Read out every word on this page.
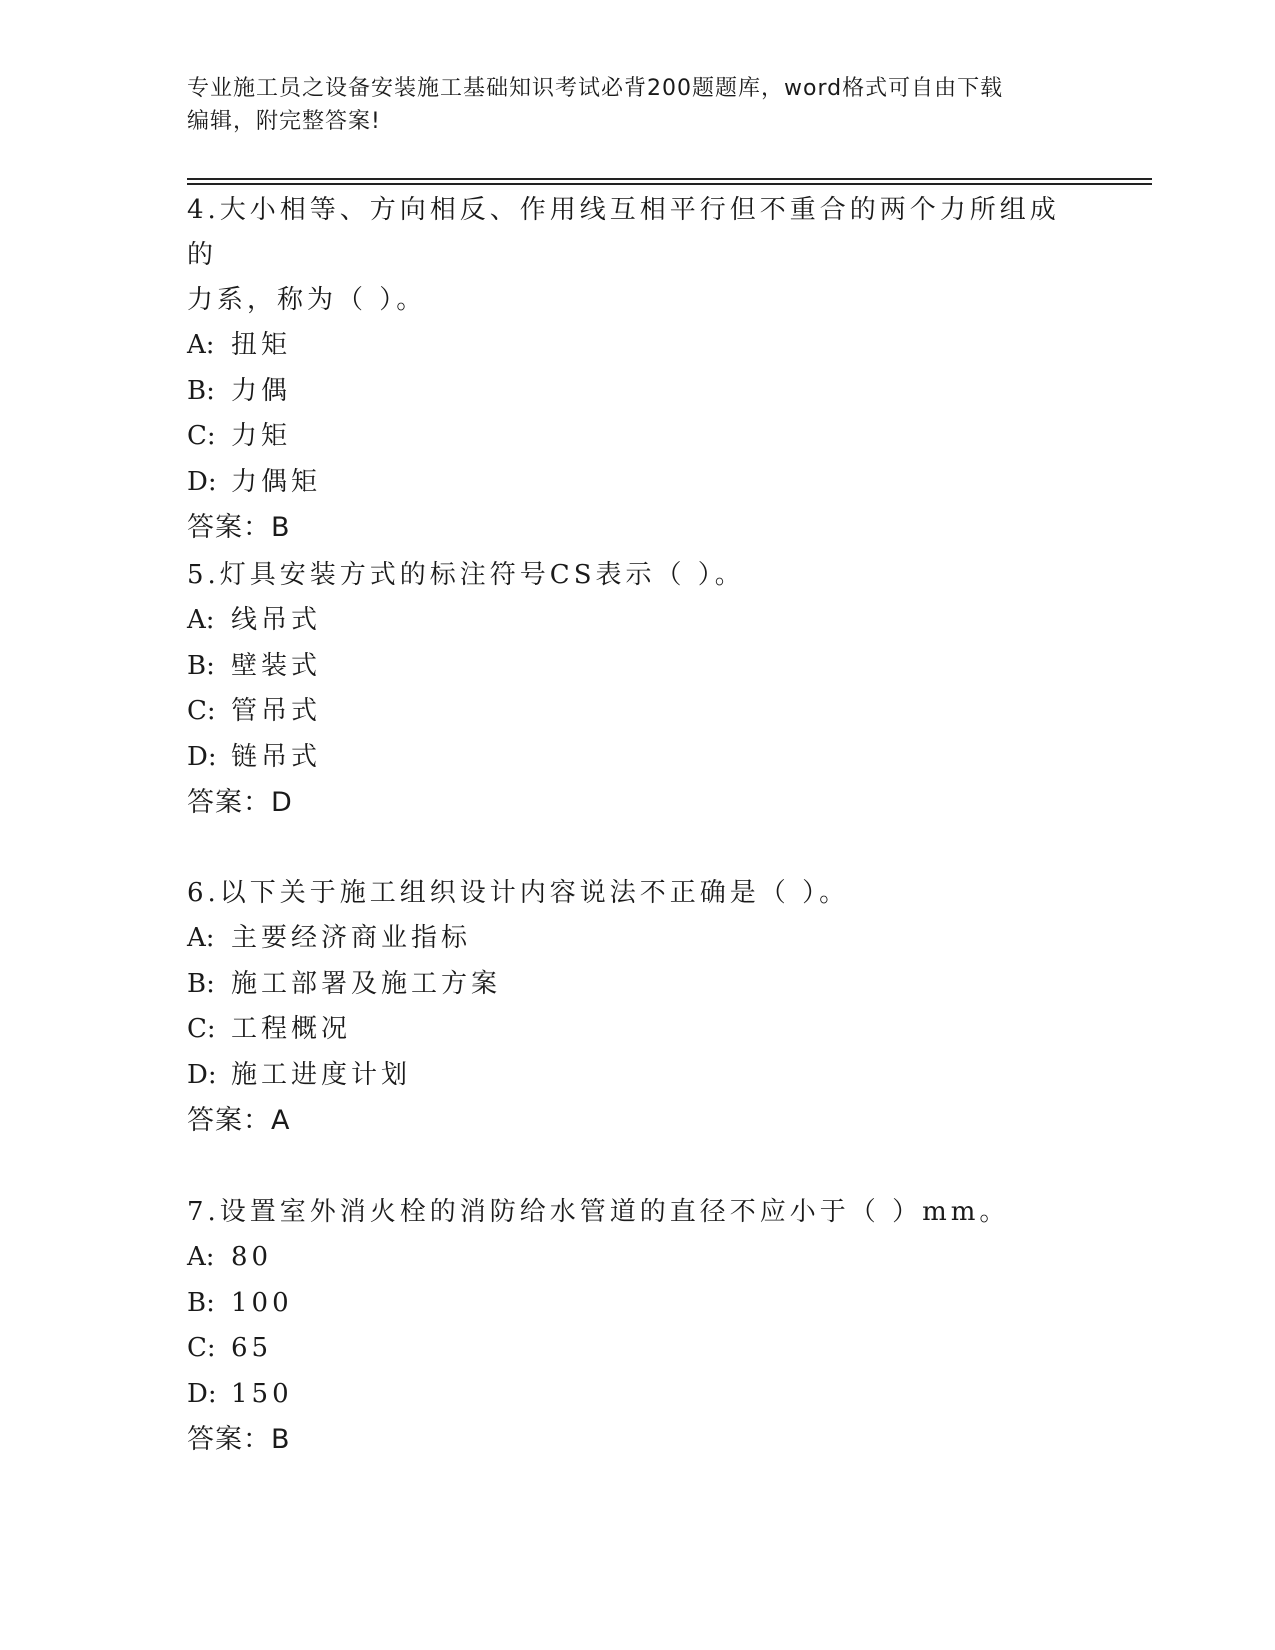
专业施工员之设备安装施工基础知识考试必背200题题库，word格式可自由下载
编辑，附完整答案!

4.大小相等、方向相反、作用线互相平行但不重合的两个力所组成的
力系，称为（ ）。

A: 扭矩

B: 力偶

C: 力矩

D: 力偶矩

答案：B

5.灯具安装方式的标注符号CS表示（ ）。

A: 线吊式

B: 壁装式

C: 管吊式

D: 链吊式

答案：D

6.以下关于施工组织设计内容说法不正确是（ ）。

A: 主要经济商业指标

B: 施工部署及施工方案

C: 工程概况

D: 施工进度计划

答案：A

7.设置室外消火栓的消防给水管道的直径不应小于（ ）mm。

A: 80

B: 100

C: 65

D: 150

答案：B
